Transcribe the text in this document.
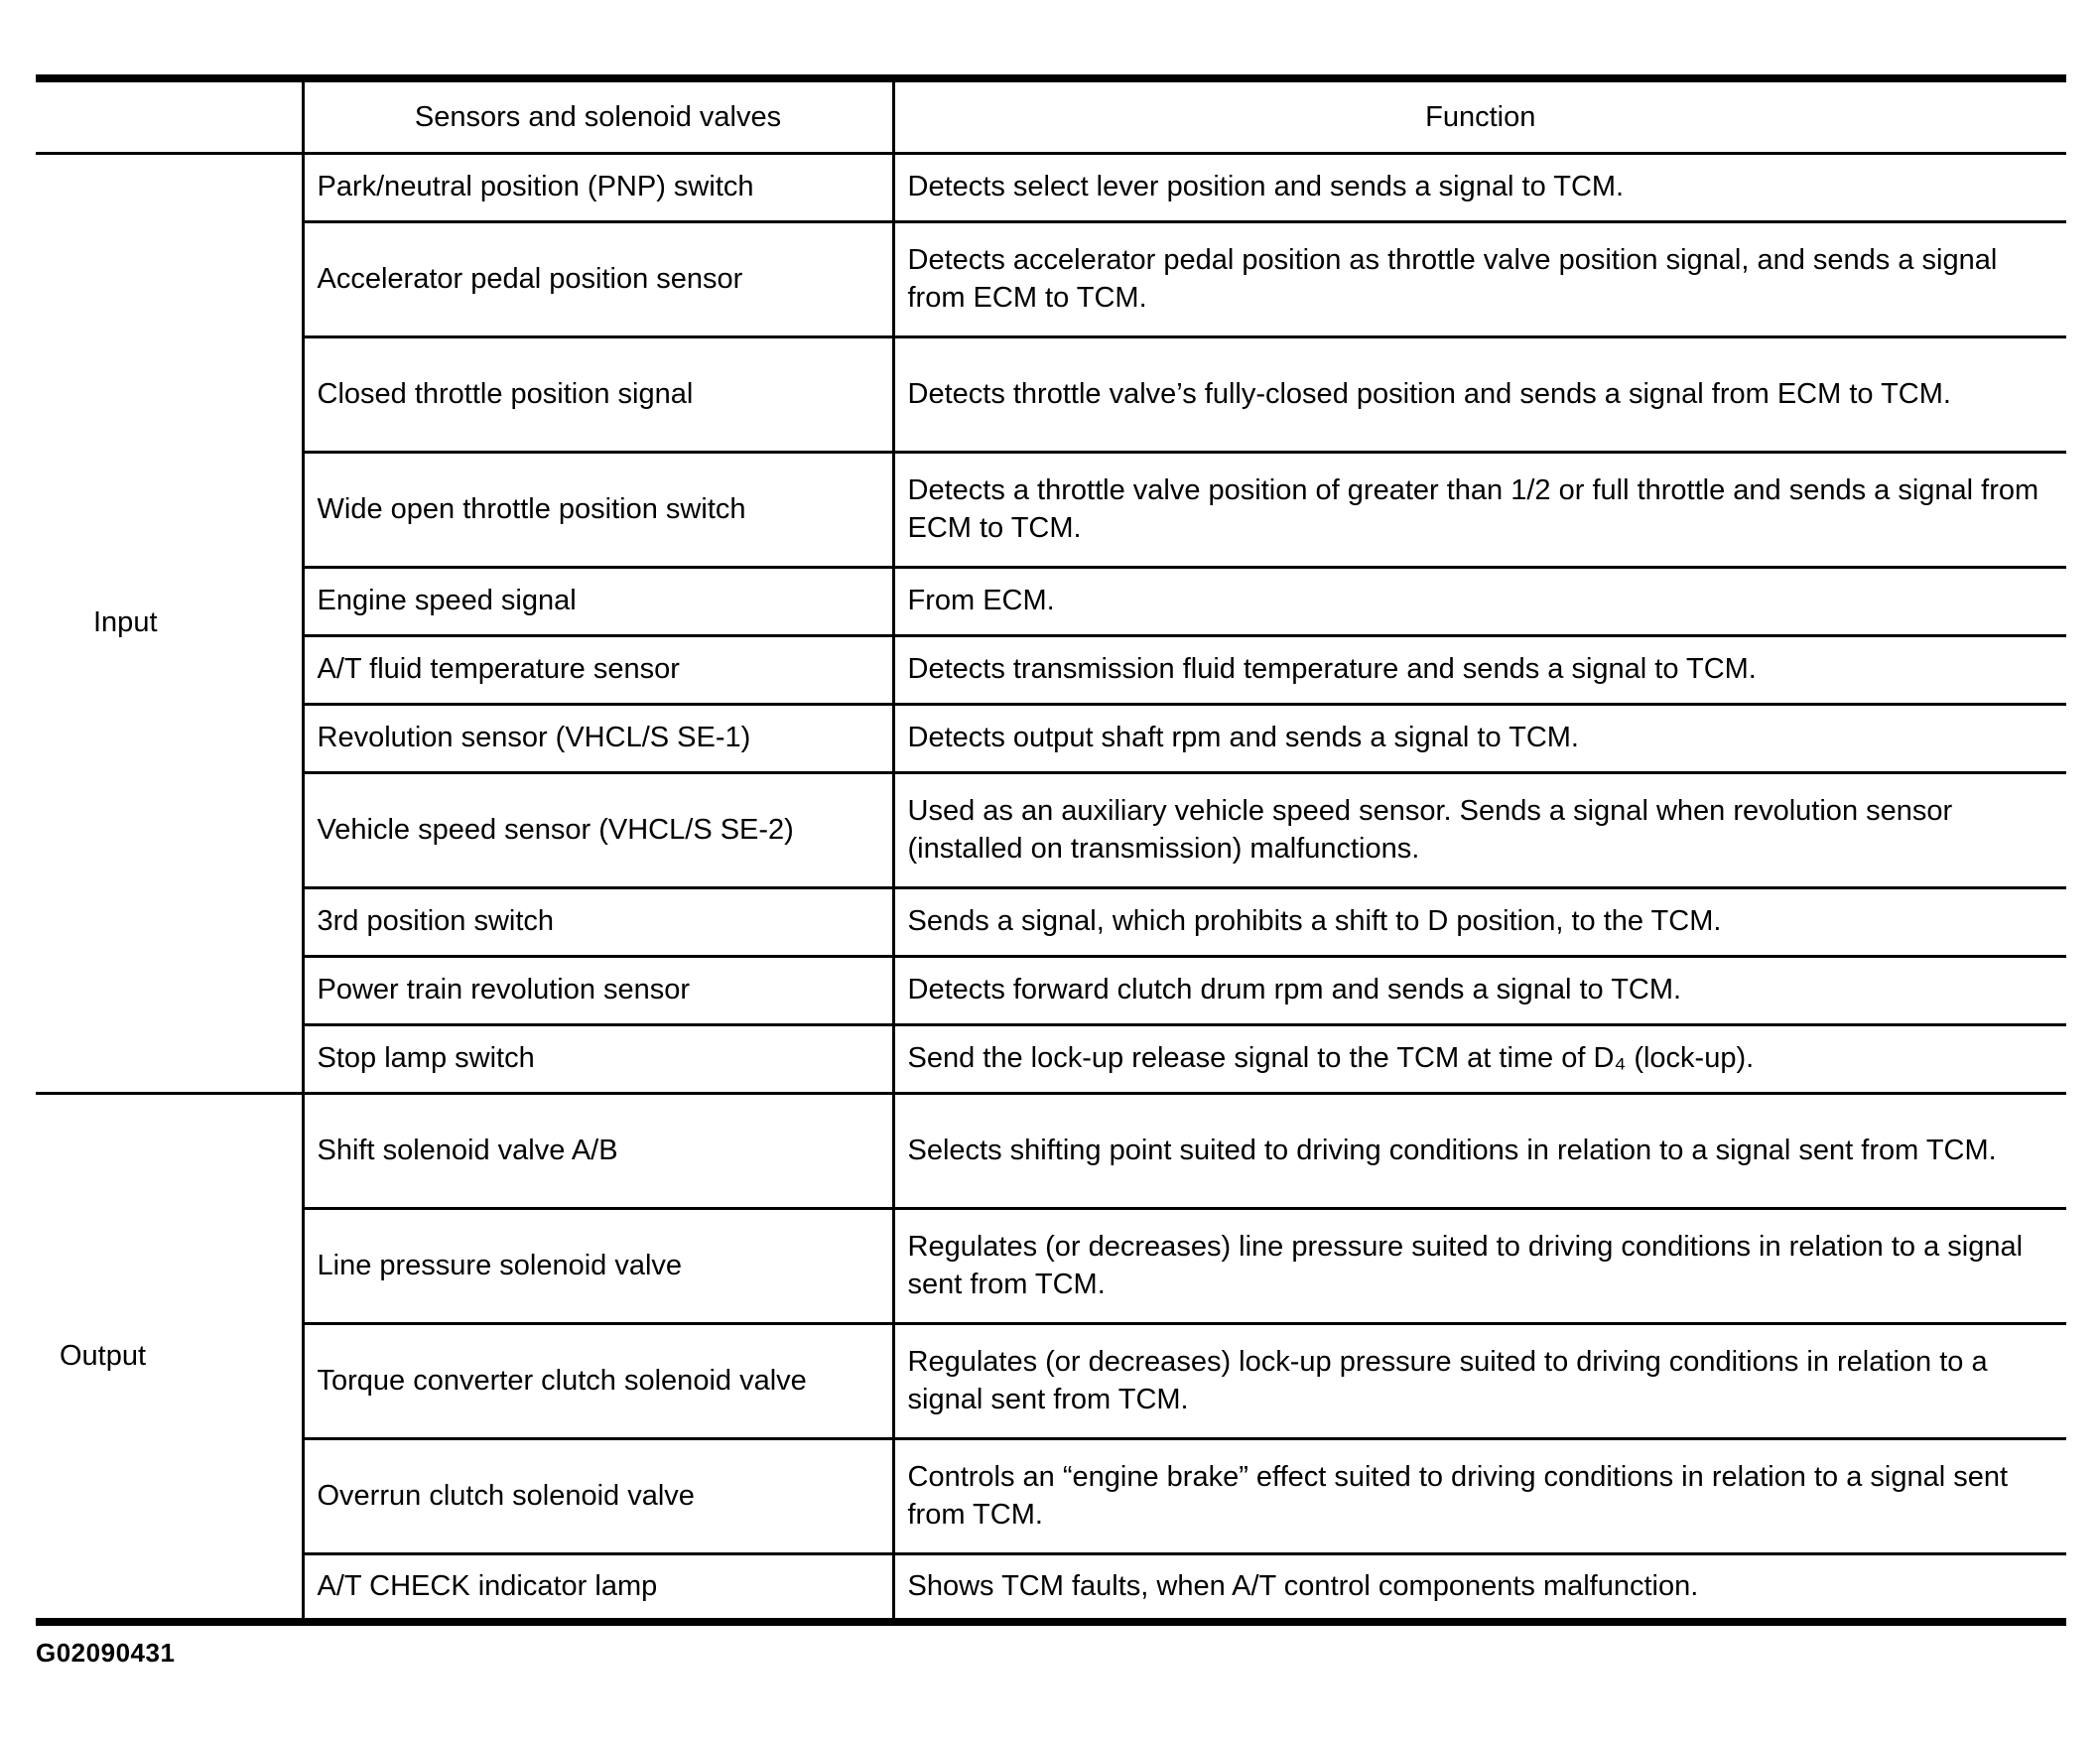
	Sensors and solenoid valves	Function
Input	Park/neutral position (PNP) switch	Detects select lever position and sends a signal to TCM.
	Accelerator pedal position sensor	Detects accelerator pedal position as throttle valve position signal, and sends a signal from ECM to TCM.
	Closed throttle position signal	Detects throttle valve’s fully-closed position and sends a signal from ECM to TCM.
	Wide open throttle position switch	Detects a throttle valve position of greater than 1/2 or full throttle and sends a signal from ECM to TCM.
	Engine speed signal	From ECM.
	A/T fluid temperature sensor	Detects transmission fluid temperature and sends a signal to TCM.
	Revolution sensor (VHCL/S SE-1)	Detects output shaft rpm and sends a signal to TCM.
	Vehicle speed sensor (VHCL/S SE-2)	Used as an auxiliary vehicle speed sensor. Sends a signal when revolution sensor (installed on transmission) malfunctions.
	3rd position switch	Sends a signal, which prohibits a shift to D position, to the TCM.
	Power train revolution sensor	Detects forward clutch drum rpm and sends a signal to TCM.
	Stop lamp switch	Send the lock-up release signal to the TCM at time of D₄ (lock-up).
Output	Shift solenoid valve A/B	Selects shifting point suited to driving conditions in relation to a signal sent from TCM.
	Line pressure solenoid valve	Regulates (or decreases) line pressure suited to driving conditions in relation to a signal sent from TCM.
	Torque converter clutch solenoid valve	Regulates (or decreases) lock-up pressure suited to driving conditions in relation to a signal sent from TCM.
	Overrun clutch solenoid valve	Controls an “engine brake” effect suited to driving conditions in relation to a signal sent from TCM.
	A/T CHECK indicator lamp	Shows TCM faults, when A/T control components malfunction.
G02090431
